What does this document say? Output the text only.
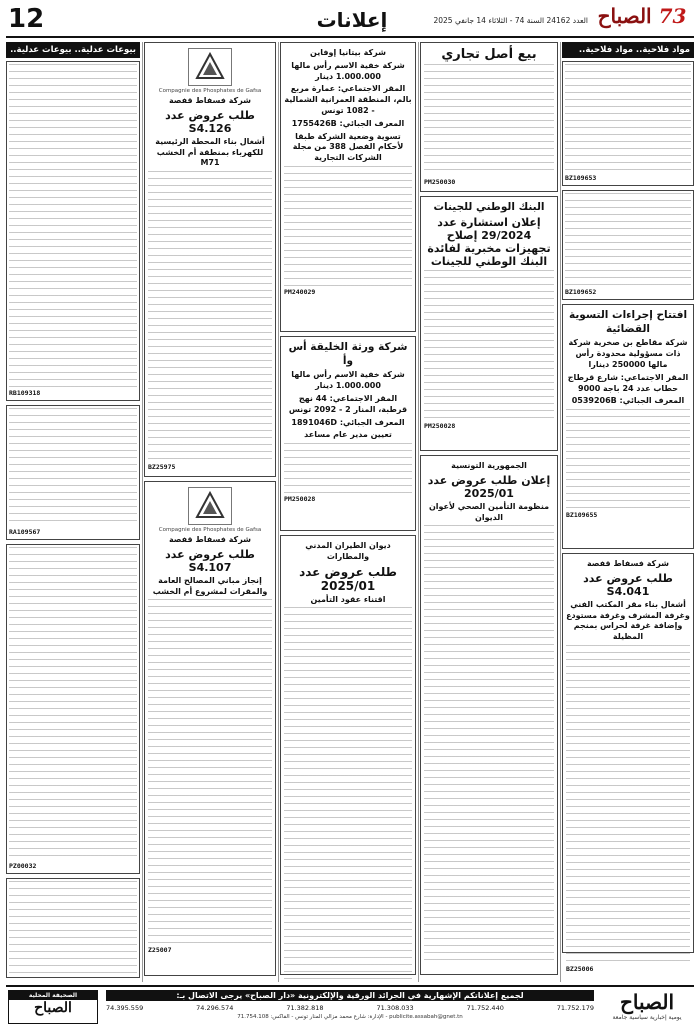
12	إعلانات	73 الصباح
العدد 24162 السنة 74 - الثلاثاء 14 جانفي 2025
مواد فلاحية.. مواد فلاحية..
BZ109653
BZ109652
افتتاح إجراءات التسوية القضائية
شركة مقاطع بن صخرية شركة ذات مسؤولية محدودة رأس مالها 250000 دينارا
المقر الاجتماعي: شارع قرطاج حطاب عدد 24 باجة 9000
المعرف الجبائي: 0539206B
BZ109655
شركة فسفاط قفصة
طلب عروض عدد S4.041
أشغال بناء مقر المكتب الفني وغرفة المشرف وغرفة مستودع وإضافة غرفة لحراس بمنجم المظيلة
BZ25006
بيع أصل تجاري
PM250030
البنك الوطني للجينات
إعلان استشارة عدد 29/2024 إصلاح تجهيزات مخبرية لفائدة البنك الوطني للجينات
PM250028
الجمهورية التونسية
إعلان طلب عروض عدد 2025/01
منظومة التأمين الصحي لأعوان الديوان
شركة بيتانيا إوفاين
شركة خفية الاسم رأس مالها 1.000.000 دينار
المقر الاجتماعي: عمارة مربع بالم، المنطقة العمرانية الشمالية - 1082 تونس
المعرف الجبائي: 1755426B
تسوية وضعية الشركة طبقا لأحكام الفصل 388 من مجلة الشركات التجارية
PM240029
شركة ورثة الخليقة أس وأ
شركة خفية الاسم رأس مالها 1.000.000 دينار
المقر الاجتماعي: 44 نهج قرطبة، المنار 2 - 2092 تونس
المعرف الجبائي: 1891046D
تعيين مدير عام مساعد
PM250028
ديوان الطيران المدني والمطارات
طلب عروض عدد 2025/01
اقتناء عقود التأمين
Compagnie des Phosphates de Gafsa
شركة فسفاط قفصة
طلب عروض عدد S4.126
أشغال بناء المحطة الرئيسية للكهرباء بمنطقة أم الخشب M71
BZ25975
Compagnie des Phosphates de Gafsa
شركة فسفاط قفصة
طلب عروض عدد S4.107
إنجاز مباني المصالح العامة والمقرات لمشروع أم الخشب
Z25007
بيوعات عدلية.. بيوعات عدلية..
RB109318
RA109567
PZ00032
الصباح
يومية إخبارية سياسية جامعة
لجميع إعلاناتكم الإشهارية في الجرائد الورقية والإلكترونية «دار الصباح» يرجى الاتصال بـ:
74.395.559	74.296.574	71.382.818	71.308.033	71.752.440	71.752.179
الإدارة: شارع محمد مزالي المنار تونس - الفاكس: 71.754.108 - publicite.assabah@gnet.tn
الصحيفة المحلية
الصباح
